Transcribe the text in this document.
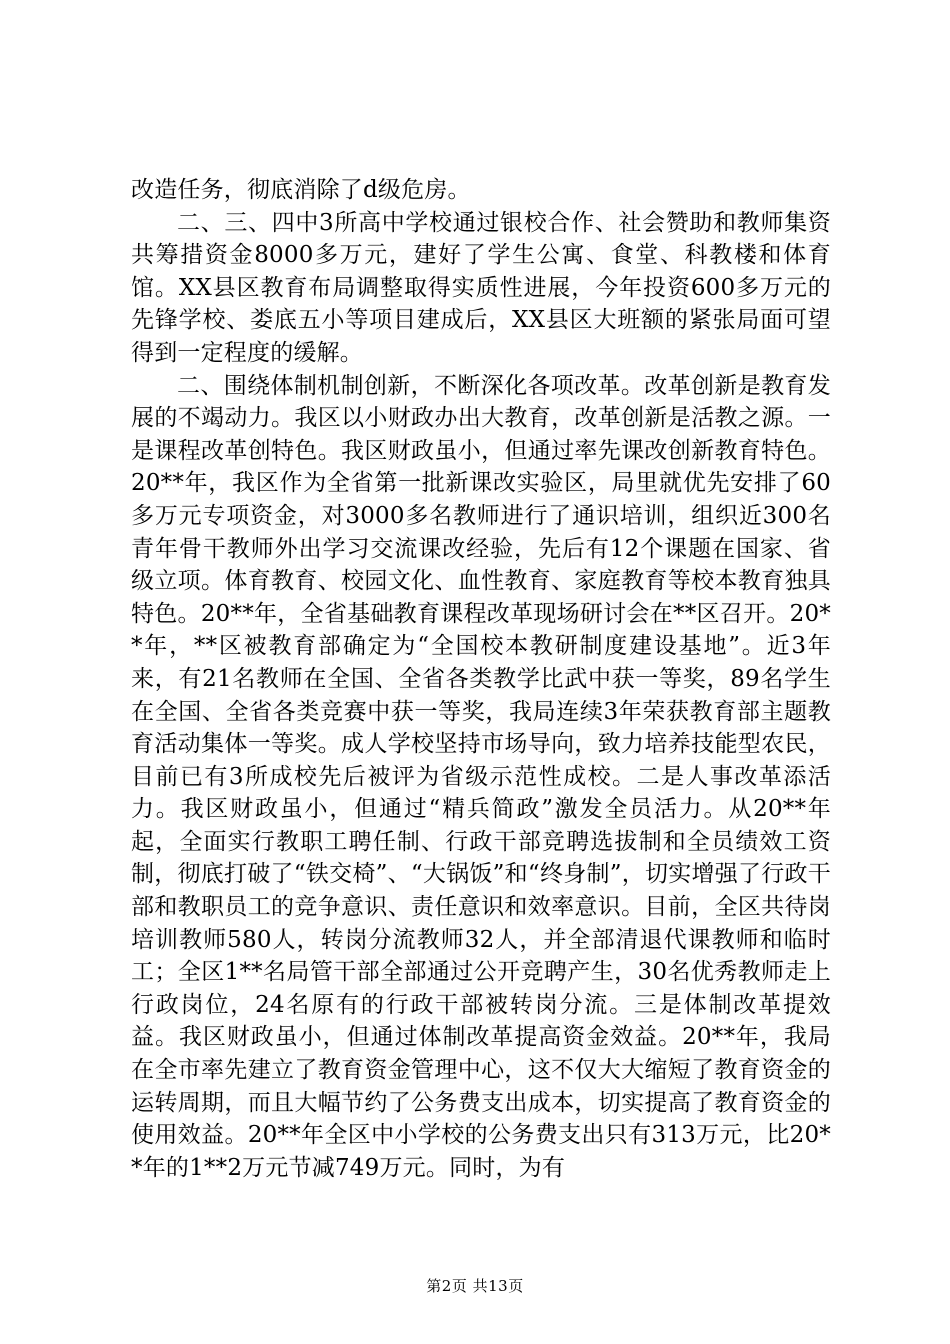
改造任务，彻底消除了d级危房。

二、三、四中3所高中学校通过银校合作、社会赞助和教师集资共筹措资金8000多万元，建好了学生公寓、食堂、科教楼和体育馆。XX县区教育布局调整取得实质性进展，今年投资600多万元的先锋学校、娄底五小等项目建成后，XX县区大班额的紧张局面可望得到一定程度的缓解。

二、围绕体制机制创新，不断深化各项改革。改革创新是教育发展的不竭动力。我区以小财政办出大教育，改革创新是活教之源。一是课程改革创特色。我区财政虽小，但通过率先课改创新教育特色。20**年，我区作为全省第一批新课改实验区，局里就优先安排了60多万元专项资金，对3000多名教师进行了通识培训，组织近300名青年骨干教师外出学习交流课改经验，先后有12个课题在国家、省级立项。体育教育、校园文化、血性教育、家庭教育等校本教育独具特色。20**年，全省基础教育课程改革现场研讨会在**区召开。20**年，**区被教育部确定为“全国校本教研制度建设基地”。近3年来，有21名教师在全国、全省各类教学比武中获一等奖，89名学生在全国、全省各类竞赛中获一等奖，我局连续3年荣获教育部主题教育活动集体一等奖。成人学校坚持市场导向，致力培养技能型农民，目前已有3所成校先后被评为省级示范性成校。二是人事改革添活力。我区财政虽小，但通过“精兵简政”激发全员活力。从20**年起，全面实行教职工聘任制、行政干部竞聘选拔制和全员绩效工资制，彻底打破了“铁交椅”、“大锅饭”和“终身制”，切实增强了行政干部和教职员工的竞争意识、责任意识和效率意识。目前，全区共待岗培训教师580人，转岗分流教师32人，并全部清退代课教师和临时工；全区1**名局管干部全部通过公开竞聘产生，30名优秀教师走上行政岗位，24名原有的行政干部被转岗分流。三是体制改革提效益。我区财政虽小，但通过体制改革提高资金效益。20**年，我局在全市率先建立了教育资金管理中心，这不仅大大缩短了教育资金的运转周期，而且大幅节约了公务费支出成本，切实提高了教育资金的使用效益。20**年全区中小学校的公务费支出只有313万元，比20**年的1**2万元节减749万元。同时，为有

第2页 共13页
